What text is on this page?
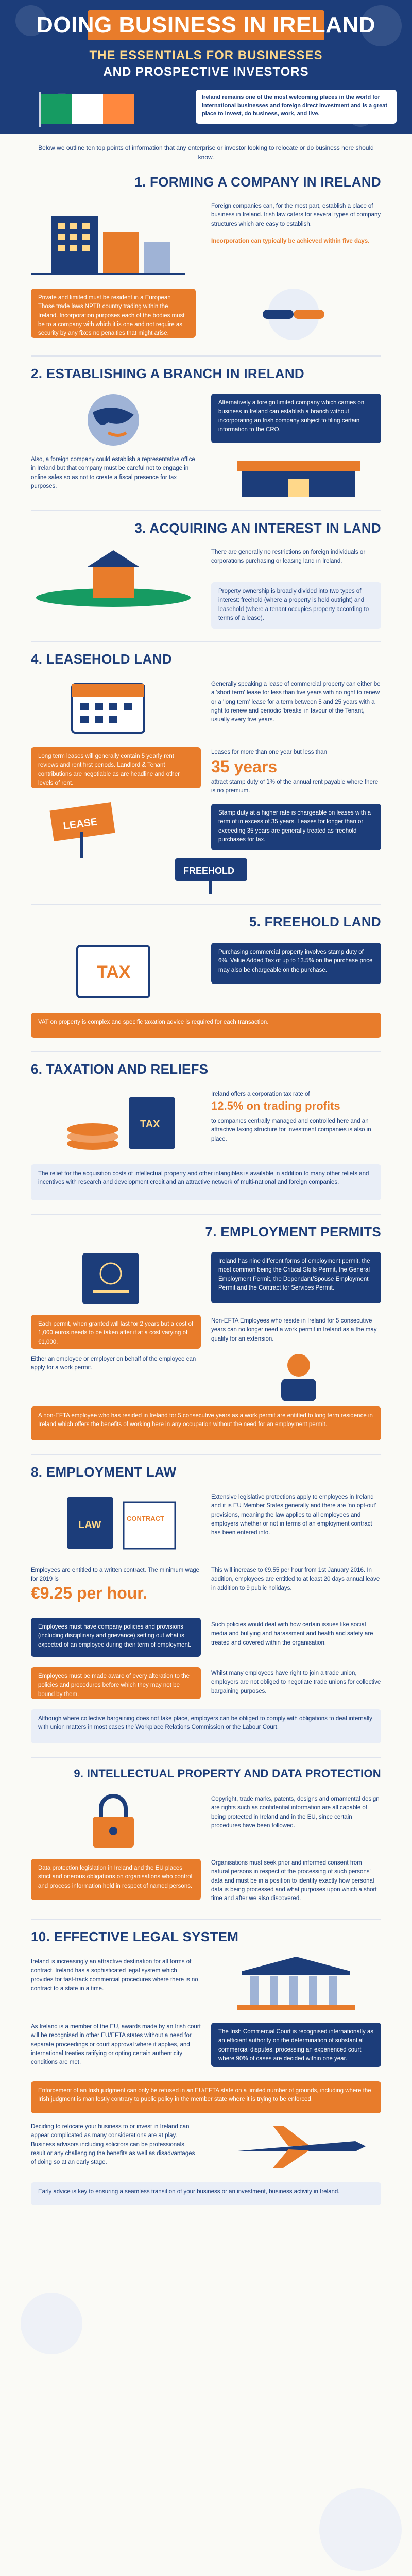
DOING BUSINESS IN IRELAND
THE ESSENTIALS FOR BUSINESSES
AND PROSPECTIVE INVESTORS
Ireland remains one of the most welcoming places in the world for international businesses and foreign direct investment and is a great place to invest, do business, work, and live.
Below we outline ten top points of information that any enterprise or investor looking to relocate or do business here should know.
1. FORMING A COMPANY IN IRELAND
Foreign companies can, for the most part, establish a place of business in Ireland. Irish law caters for several types of company structures which are easy to establish.
Incorporation can typically be achieved within five days.
Private and limited must be resident in a European Those trade laws NPTB country trading within the Ireland. Incorporation purposes each of the bodies must be to a company with which it is one and not require as security by any fixes no penalties that might arise.
2. ESTABLISHING A BRANCH IN IRELAND
Alternatively a foreign limited company which carries on business in Ireland can establish a branch without incorporating an Irish company subject to filing certain information to the CRO.
Also, a foreign company could establish a representative office in Ireland but that company must be careful not to engage in online sales so as not to create a fiscal presence for tax purposes.
3. ACQUIRING AN INTEREST IN LAND
There are generally no restrictions on foreign individuals or corporations purchasing or leasing land in Ireland.
Property ownership is broadly divided into two types of interest: freehold (where a property is held outright) and leasehold (where a tenant occupies property according to terms of a lease).
4. LEASEHOLD LAND
Generally speaking a lease of commercial property can either be a 'short term' lease for less than five years with no right to renew or a 'long term' lease for a term between 5 and 25 years with a right to renew and periodic 'breaks' in favour of the Tenant, usually every five years.
Long term leases will generally contain 5 yearly rent reviews and rent first periods. Landlord & Tenant contributions are negotiable as are headline and other levels of rent.
Leases for more than one year but less than
35 years
attract stamp duty of 1% of the annual rent payable where there is no premium.
LEASE
Stamp duty at a higher rate is chargeable on leases with a term of in excess of 35 years. Leases for longer than or exceeding 35 years are generally treated as freehold purchases for tax.
FREEHOLD
5. FREEHOLD LAND
TAX
Purchasing commercial property involves stamp duty of 6%. Value Added Tax of up to 13.5% on the purchase price may also be chargeable on the purchase.
VAT on property is complex and specific taxation advice is required for each transaction.
6. TAXATION AND RELIEFS
Ireland offers a corporation tax rate of
12.5% on trading profits
to companies centrally managed and controlled here and an attractive taxing structure for investment companies is also in place.
TAX
The relief for the acquisition costs of intellectual property and other intangibles is available in addition to many other reliefs and incentives with research and development credit and an attractive network of multi-national and foreign companies.
7. EMPLOYMENT PERMITS
Ireland has nine different forms of employment permit, the most common being the Critical Skills Permit, the General Employment Permit, the Dependant/Spouse Employment Permit and the Contract for Services Permit.
Each permit, when granted will last for 2 years but a cost of 1,000 euros needs to be taken after it at a cost varying of €1,000.
Either an employee or employer on behalf of the employee can apply for a work permit.
Non-EFTA Employees who reside in Ireland for 5 consecutive years can no longer need a work permit in Ireland as a the may qualify for an extension.
A non-EFTA employee who has resided in Ireland for 5 consecutive years as a work permit are entitled to long term residence in Ireland which offers the benefits of working here in any occupation without the need for an employment permit.
8. EMPLOYMENT LAW
Extensive legislative protections apply to employees in Ireland and it is EU Member States generally and there are 'no opt-out' provisions, meaning the law applies to all employees and employers whether or not in terms of an employment contract has been entered into.
LAW
CONTRACT
Employees are entitled to a written contract. The minimum wage for 2019 is
€9.25 per hour.
This will increase to €9.55 per hour from 1st January 2016. In addition, employees are entitled to at least 20 days annual leave in addition to 9 public holidays.
Employees must have company policies and provisions (including disciplinary and grievance) setting out what is expected of an employee during their term of employment.
Such policies would deal with how certain issues like social media and bullying and harassment and health and safety are treated and covered within the organisation.
Employees must be made aware of every alteration to the policies and procedures before which they may not be bound by them.
Whilst many employees have right to join a trade union, employers are not obliged to negotiate trade unions for collective bargaining purposes.
Although where collective bargaining does not take place, employers can be obliged to comply with obligations to deal internally with union matters in most cases the Workplace Relations Commission or the Labour Court.
9. INTELLECTUAL PROPERTY AND DATA PROTECTION
Copyright, trade marks, patents, designs and ornamental design are rights such as confidential information are all capable of being protected in Ireland and in the EU, since certain procedures have been followed.
Data protection legislation in Ireland and the EU places strict and onerous obligations on organisations who control and process information held in respect of named persons.
Organisations must seek prior and informed consent from natural persons in respect of the processing of such persons' data and must be in a position to identify exactly how personal data is being processed and what purposes upon which a short time and after we also discovered.
10. EFFECTIVE LEGAL SYSTEM
Ireland is increasingly an attractive destination for all forms of contract. Ireland has a sophisticated legal system which provides for fast-track commercial procedures where there is no contract to a state in a time.
The Irish Commercial Court is recognised internationally as an efficient authority on the determination of substantial commercial disputes, processing an experienced court where 90% of cases are decided within one year.
As Ireland is a member of the EU, awards made by an Irish court will be recognised in other EU/EFTA states without a need for separate proceedings or court approval where it applies, and international treaties ratifying or opting certain authenticity conditions are met.
Enforcement of an Irish judgment can only be refused in an EU/EFTA state on a limited number of grounds, including where the Irish judgment is manifestly contrary to public policy in the member state where it is trying to be enforced.
Deciding to relocate your business to or invest in Ireland can appear complicated as many considerations are at play. Business advisors including solicitors can be professionals, result or any challenging the benefits as well as disadvantages of doing so at an early stage.
Early advice is key to ensuring a seamless transition of your business or an investment, business activity in Ireland.
